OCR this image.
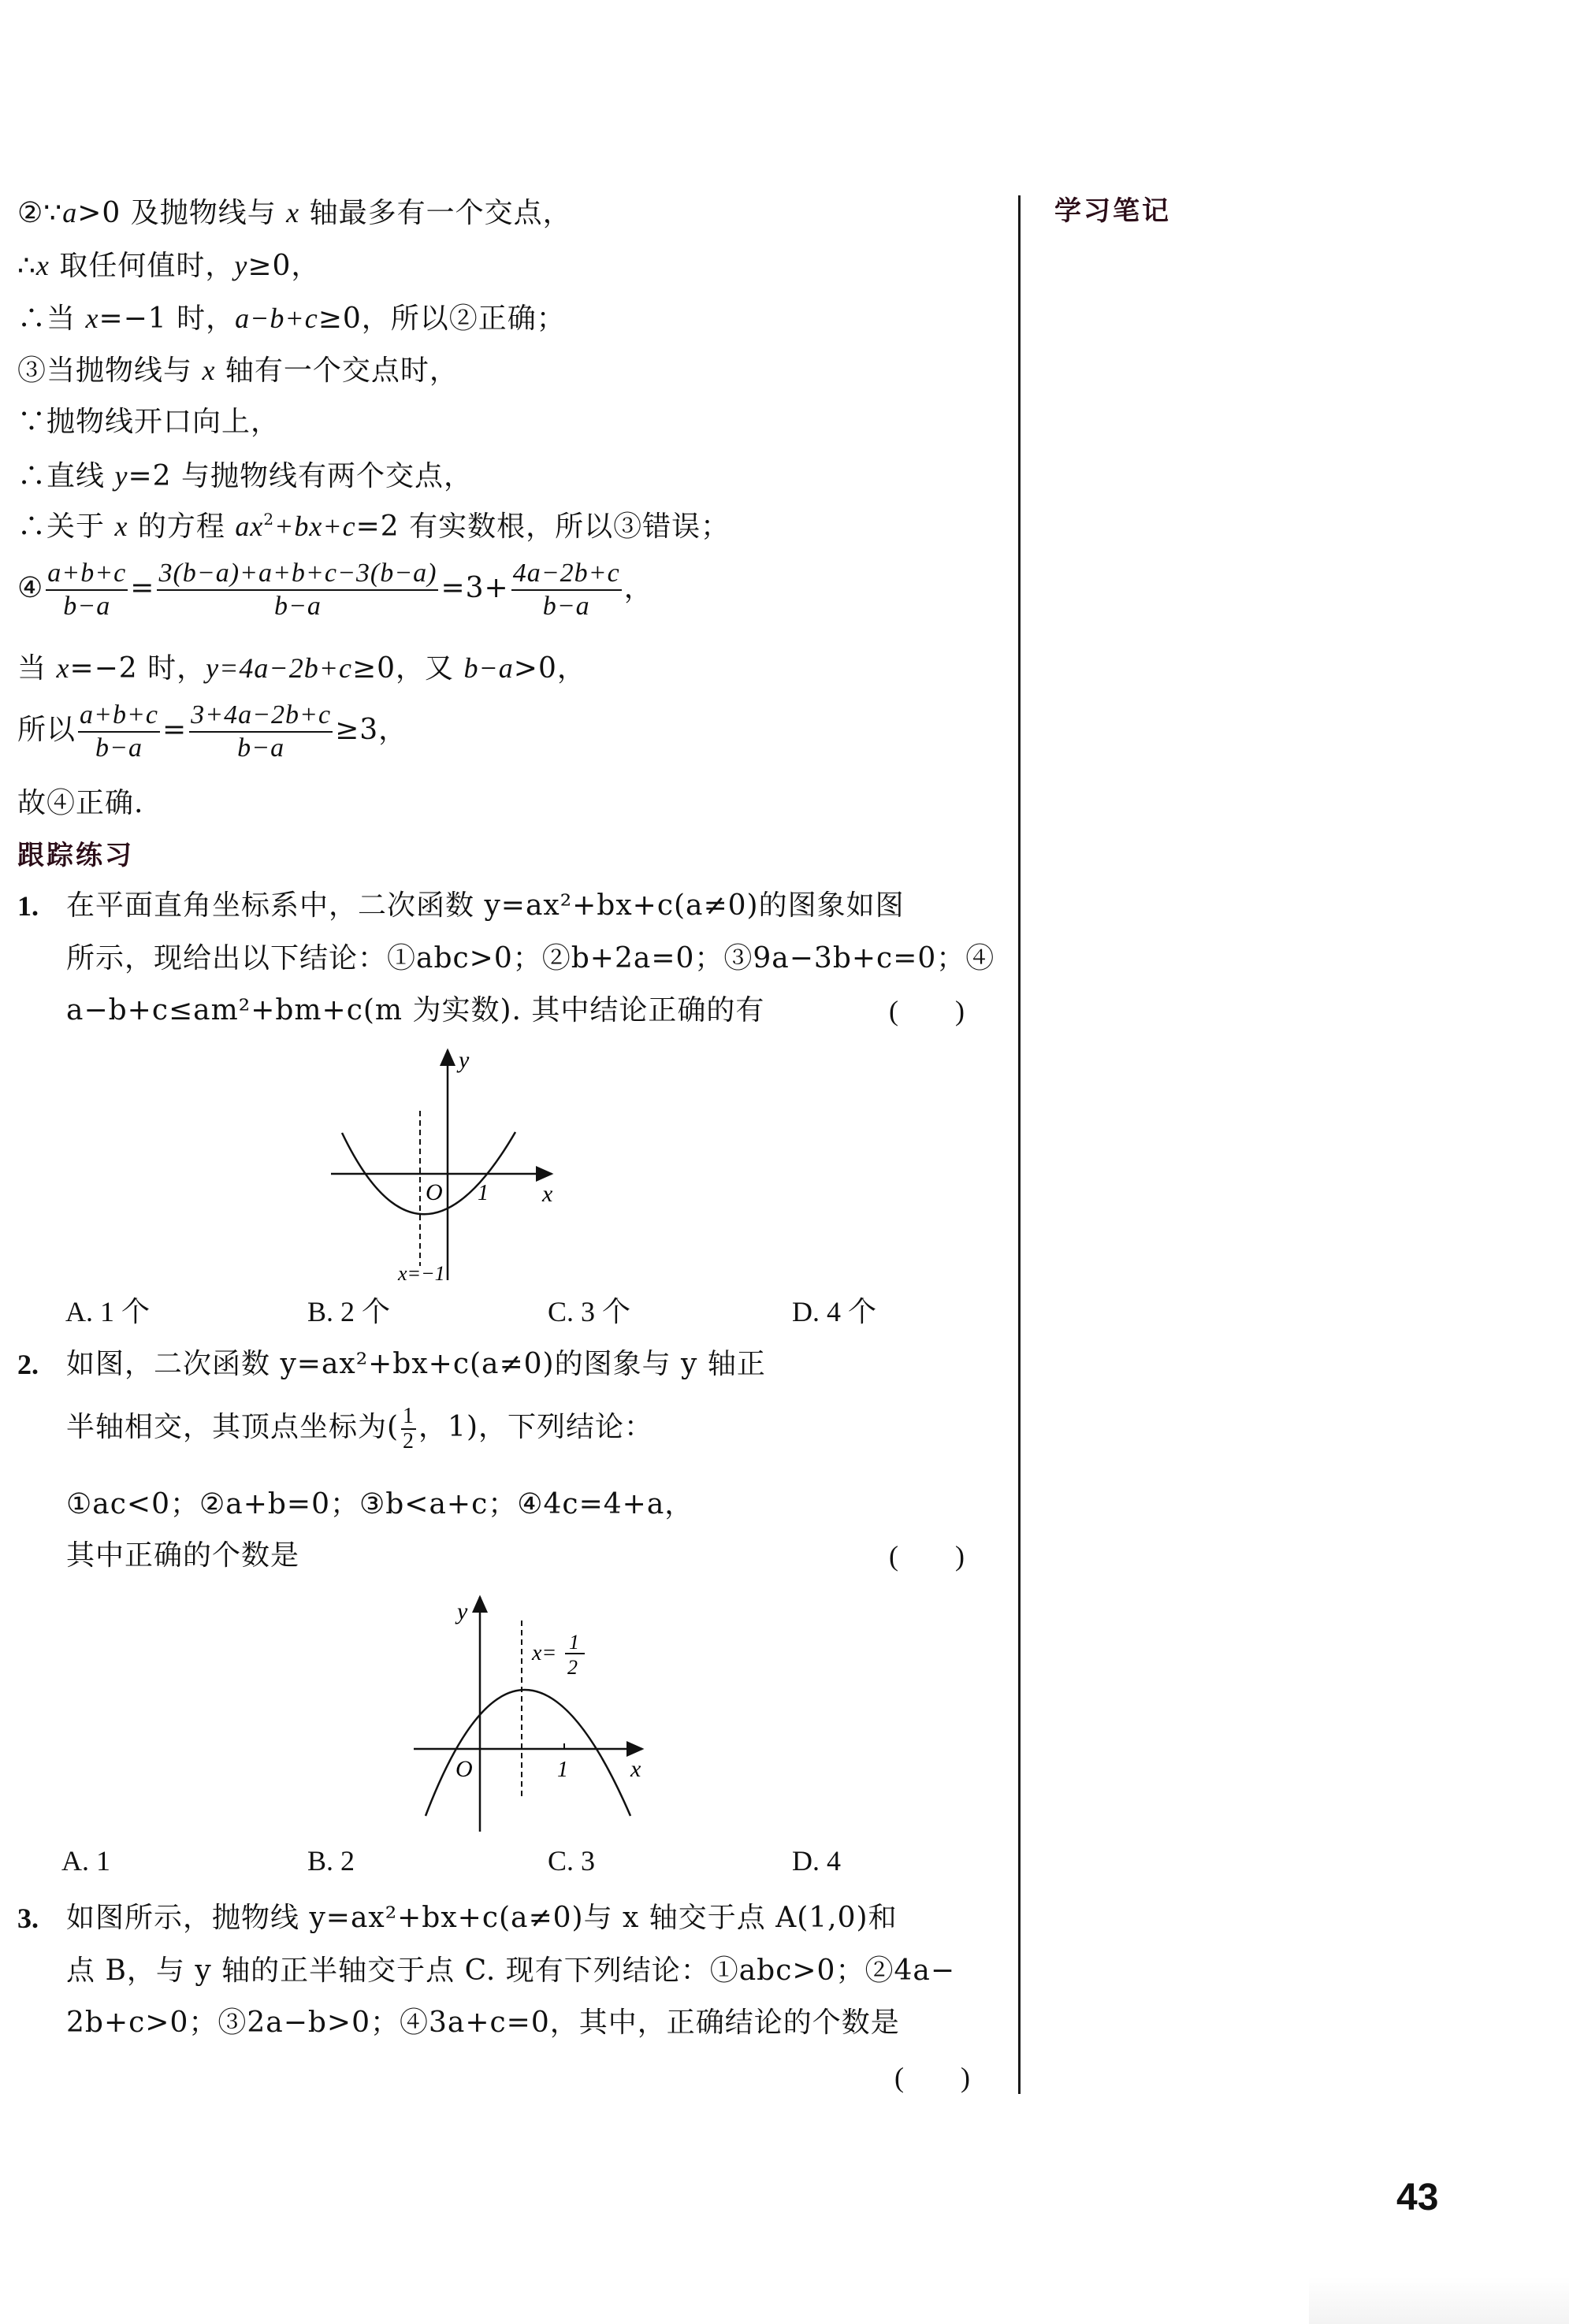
学习笔记
②∵a>0 及抛物线与 x 轴最多有一个交点，
∴x 取任何值时，y≥0，
∴当 x=−1 时，a−b+c≥0，所以②正确；
③当抛物线与 x 轴有一个交点时，
∵抛物线开口向上，
∴直线 y=2 与抛物线有两个交点，
∴关于 x 的方程 $ax^2+bx+c=2$ 有实数根，所以③错误；
④ $\frac{a+b+c}{b-a} = \frac{3(b-a)+a+b+c-3(b-a)}{b-a} =3+ \frac{4a-2b+c}{b-a}$ ，
当 x=−2 时，y=4a−2b+c≥0，又 b−a>0，
所以 $\frac{a+b+c}{b-a} = \frac{3+4a-2b+c}{b-a} \ge 3$，
故④正确.
跟踪练习
1. 在平面直角坐标系中，二次函数 y=ax²+bx+c(a≠0)的图象如图
所示，现给出以下结论：①abc>0；②b+2a=0；③9a−3b+c=0；④
a−b+c≤am²+bm+c(m 为实数). 其中结论正确的有	(        )
y
x
O 1
x=−1
A. 1 个	B. 2 个	C. 3 个	D. 4 个
2. 如图，二次函数 y=ax²+bx+c(a≠0)的图象与 y 轴正
半轴相交，其顶点坐标为( $\frac{1}{2}$ ，1)，下列结论：
①ac<0；②a+b=0；③b<a+c；④4c=4+a，
其中正确的个数是	(        )
y
x
O	1
x= 1
2
A. 1	B. 2	C. 3	D. 4
3. 如图所示，抛物线 y=ax²+bx+c(a≠0)与 x 轴交于点 A(1,0)和
点 B，与 y 轴的正半轴交于点 C. 现有下列结论：①abc>0；②4a−
2b+c>0；③2a−b>0；④3a+c=0，其中，正确结论的个数是
(        )
43
